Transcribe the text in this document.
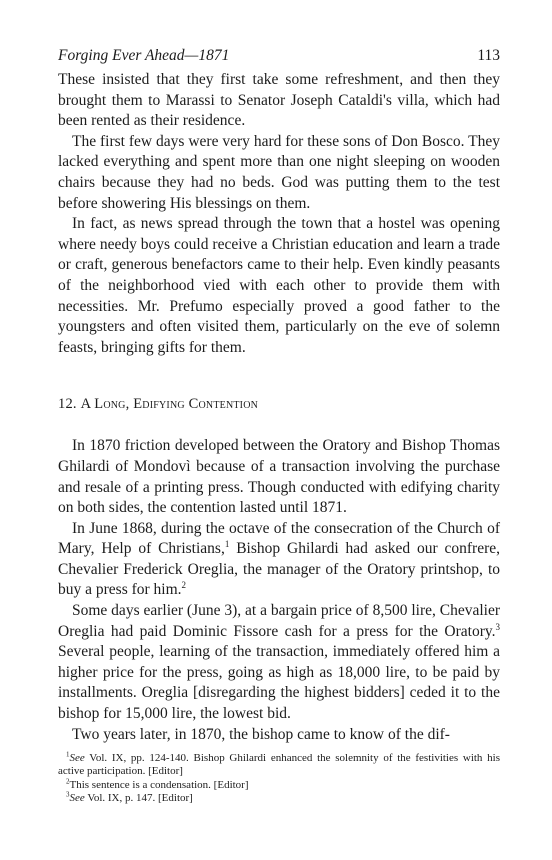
Forging Ever Ahead—1871	113

These insisted that they first take some refreshment, and then they brought them to Marassi to Senator Joseph Cataldi's villa, which had been rented as their residence.

The first few days were very hard for these sons of Don Bosco. They lacked everything and spent more than one night sleeping on wooden chairs because they had no beds. God was putting them to the test before showering His blessings on them.

In fact, as news spread through the town that a hostel was opening where needy boys could receive a Christian education and learn a trade or craft, generous benefactors came to their help. Even kindly peasants of the neighborhood vied with each other to provide them with necessities. Mr. Prefumo especially proved a good father to the youngsters and often visited them, particularly on the eve of solemn feasts, bringing gifts for them.

12. A Long, Edifying Contention

In 1870 friction developed between the Oratory and Bishop Thomas Ghilardi of Mondovì because of a transaction involving the purchase and resale of a printing press. Though conducted with edifying charity on both sides, the contention lasted until 1871.

In June 1868, during the octave of the consecration of the Church of Mary, Help of Christians,$^1$ Bishop Ghilardi had asked our confrere, Chevalier Frederick Oreglia, the manager of the Oratory printshop, to buy a press for him.$^2$

Some days earlier (June 3), at a bargain price of 8,500 lire, Chevalier Oreglia had paid Dominic Fissore cash for a press for the Oratory.$^3$ Several people, learning of the transaction, immediately offered him a higher price for the press, going as high as 18,000 lire, to be paid by installments. Oreglia [disregarding the highest bidders] ceded it to the bishop for 15,000 lire, the lowest bid.

Two years later, in 1870, the bishop came to know of the dif-

$^1$See Vol. IX, pp. 124-140. Bishop Ghilardi enhanced the solemnity of the festivities with his active participation. [Editor]

$^2$This sentence is a condensation. [Editor]

$^3$See Vol. IX, p. 147. [Editor]
